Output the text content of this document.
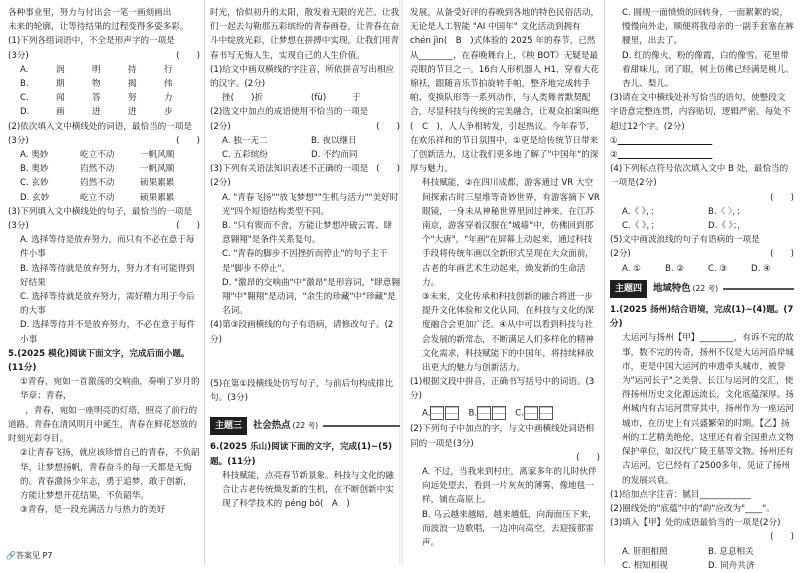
各种事业里，努力与付出会一笔一画刻画出

未来的轮廓，让等待结果的过程变得多姿多彩。

(1)下列各组词语中，不全是形声字的一项是

(3分)	(　　)

A.	润	明	持	行
B.	期	物	揭	伟
C.	闻	答	努	力
D.	画	进	进	步

(2)依次填入文中横线处的词语，最恰当的一项是

(3分)	(　　)

A. 奥妙	屹立不动	一帆风顺
B. 奥妙	岿然不动	一帆风顺
C. 玄妙	岿然不动	硕果累累
D. 玄妙	屹立不动	硕果累累

(3)下列填入文中横线处的句子，最恰当的一项是

(3分)	(　　)

A. 选择等待是放弃努力，而只有不必在意于每件小事

B. 选择等待就是放弃努力，努力才有可能得到好结果

C. 选择等待就是放弃努力，需好精力用于今后的大事

D. 选择等待并不是放弃努力，不必在意于每件小事

5.(2025 模化)阅读下面文字，完成后面小题。(11分)

①青春，宛如一首激荡的交响曲，奏响了岁月的华章；青春，

　　，青春，宛如一座明亮的灯塔，照亮了前行的道路。青春在清风明月中诞生，青春在鲜花怒放的时刻光彩夺目。

②让青春飞扬，就应该珍惜自己的青春，不负韶华，让梦想扬帆，青春奋斗的每一天都是无悔的。青春激扬少年志，勇于追梦，敢于创新，方能让梦想开花结果，不负韶华。

③青春，是一段充满活力与热力的美好

时光，恰似初升的太阳，散发着无限的光芒。让我们一起去勾勒那五彩缤纷的青春画卷，让青春在奋斗中绽放光彩，让梦想在拼搏中实现。让我们用青春书写无悔人生，实现自己的人生价值。

(1)给文中画双横线的字注音，所依拼音写出相应的汉字。(2分)

挫(　　)折	(fù)　　　于

(2)选文中加点的成语使用不恰当的一项是

(2分)	(　　)

A. 独一无二	B. 夜以继日
C. 五彩缤纷	D. 不约而同

(3)下列有关语法知识表述不正确的一项是(2分)
(　　)

A. "青春飞扬""放飞梦想""生机与活力""美好时光"四个短语结构类型不同。

B. "只有锲而不舍，方能让梦想冲破云霄、肆意翱翔"是条件关系复句。

C. "青春的脚步不因挫折而停止"的句子主干是"脚步不停止"。

D. "激昂的交响曲"中"激昂"是形容词，"肆意翱翔"中"翱翔"是动词，"余生的珍藏"中"珍藏"是名词。

(4)第③段画横线的句子有语病，请修改句子。(2分)

(5)在第①段横线处仿写句子，与前后句构成排比句。(3分)

主题三	社会热点 (22 考)

6.(2025 乐山)阅读下面的文字，完成(1)~(5)题。(11分)

科技赋能，点亮春节新景象。科技与文化的融合让古老传统焕发新的生机，在不断创新中实现了科学技术的 péng bó(　A　)

发展。从备受好评的春晚到各地的特色民俗活动，无论是人工智能 "AI 中国年" 文化活动到拥有 chén jìn(　B　)式体验的 2025 年的春节，已然从________，在春晚舞台上，《秧 BOT》无疑是最亮眼的节目之一。16台人形机器人 H1，穿着大花棉袄，跟随音乐节拍旋转手帕，整齐地完成转手帕、变换队形等一系列动作，与人类舞者默契配合，尽显科技与传统的完美融合，让观众拍案叫绝(　C　)，人人争相转发，引起热议。今年春节，在欢乐祥和的节日氛围中，①更是给传统节日带来了创新活力，这让我们更多地了解了"中国年"的深厚与魅力。

科技赋能，②在四川成都，游客通过 VR 大空间探索古时三星堆等奇妙世界，有游客摘下 VR 眼镜，一身未从神秘世界里回过神来。在江苏南京，游客穿着汉服在"城墙"中，仿佛回到那个"大唐"。"年画"在屏幕上动起来，通过科技手段将传统年画以全新形式呈现在大众面前，古老的年画艺术生动起来，焕发新的生命活力。

③未来，文化传承和科技创新的融合将进一步提升文化体验和文化认同，在科技与文化的深度融合会更加广泛。④从中可以看到科技与社会发展的新常态，不断满足人们多样化的精神文化需求，科技赋能下的中国年，将持续释放出更大的魅力与创新活力。

(1)根据文段中拼音，正确书写括号中的词语。(3分)

A.	B.	C.

(2)下列句子中加点的字，与文中画横线处词语相同的一项是(3分)

(　　)

A. 不过，当我来到村庄，离家多年的儿时伙伴向远处望去，看到一片灰灰的薄雾，像地毯一样，铺在高原上。

B. 乌云越来越暗，越来越低，向海面压下来，而波浪一边歌唱，一边冲向高空，去迎接那雷声。

C. 圆规一面愤愤的回转身，一面絮絮的说，慢慢向外走，顺便将我母亲的一副手套塞在裤腰里，出去了。

D. 红的像火，粉的像霞，白的像雪。花里带着甜味儿，闭了眼，树上仿佛已经满是桃儿、杏儿、梨儿。

(3)请在文中横线处补写恰当的语句，使整段文字语意完整连贯，内容贴切，逻辑严密。每处不超过12个字。(2分)

①　　　　　　　　　　　

②　　　　　　　　　　　

(4)下列标点符号依次填入文中 B 处，最恰当的一项是(2分)

(　　)

A.《 》，；	B.〈 〉，；
C.《 》，；	D.《 》；，

(5)文中画波浪线的句子有语病的一项是

(2分)	(　　)

A. ①	B. ②	C. ③	D. ④
主题四	地域特色 (22 考)

1.(2025 扬州)结合语境，完成(1)~(4)题。(7分)

大运河与扬州【甲】________，有诉不完的故事，数不完的传奇，扬州不仅是大运河沿岸城市，更是中国大运河的申遗牵头城市，被誉为"运河长子"之美誉。长江与运河的交汇，使得扬州历史文化源远流长，文化底蕴深厚。扬州城内有古运河贯穿其中，扬州作为一座运河城市，在历史上有兴盛繁荣的时期。【乙】扬州的工艺精美绝伦，这里还有着全国重点文物保护单位，如汉代广陵王墓等文物。扬州还有古运河，它已经有了2500多年，见证了扬州的发展兴衰。

(1)给加点字注音：腻目____________

(2)圈线处的"底蕴"中的"韵"应改为"____"。

(3)填入【甲】处的成语最恰当的一项是(2分)

(　　)

A. 肝胆相照	B. 息息相关
C. 相知相视	D. 同舟共济
🔗答案见 P7
